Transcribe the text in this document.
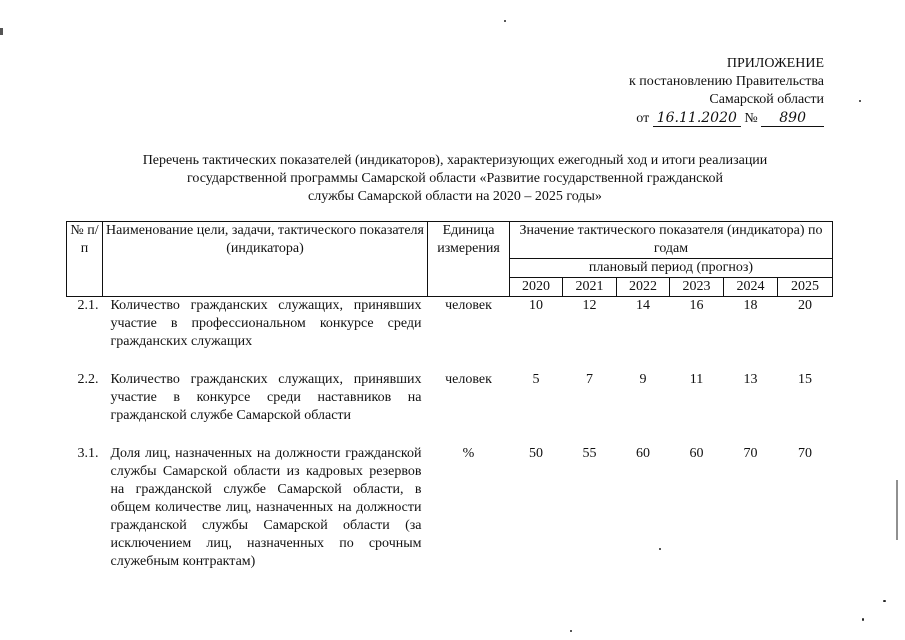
ПРИЛОЖЕНИЕ
к постановлению Правительства
Самарской области
от 16.11.2020 № 890
Перечень тактических показателей (индикаторов), характеризующих ежегодный ход и итоги реализации
государственной программы Самарской области «Развитие государственной гражданской
службы Самарской области на 2020 – 2025 годы»
№ п/п	Наименование цели, задачи, тактического показателя (индикатора)	Единица измерения	Значение тактического показателя (индикатора) по годам					
			плановый период (прогноз)					
			2020	2021	2022	2023	2024	2025
2.1.	Количество гражданских служащих, принявших участие в профессиональном конкурсе среди гражданских служащих	человек	10	12	14	16	18	20

2.2.	Количество гражданских служащих, принявших участие в конкурсе среди наставников на гражданской службе Самарской области	человек	5	7	9	11	13	15

3.1.	Доля лиц, назначенных на должности гражданской службы Самарской области из кадровых резервов на гражданской службе Самарской области, в общем количестве лиц, назначенных на должности гражданской службы Самарской области (за исключением лиц, назначенных по срочным служебным контрактам)	%	50	55	60	60	70	70
